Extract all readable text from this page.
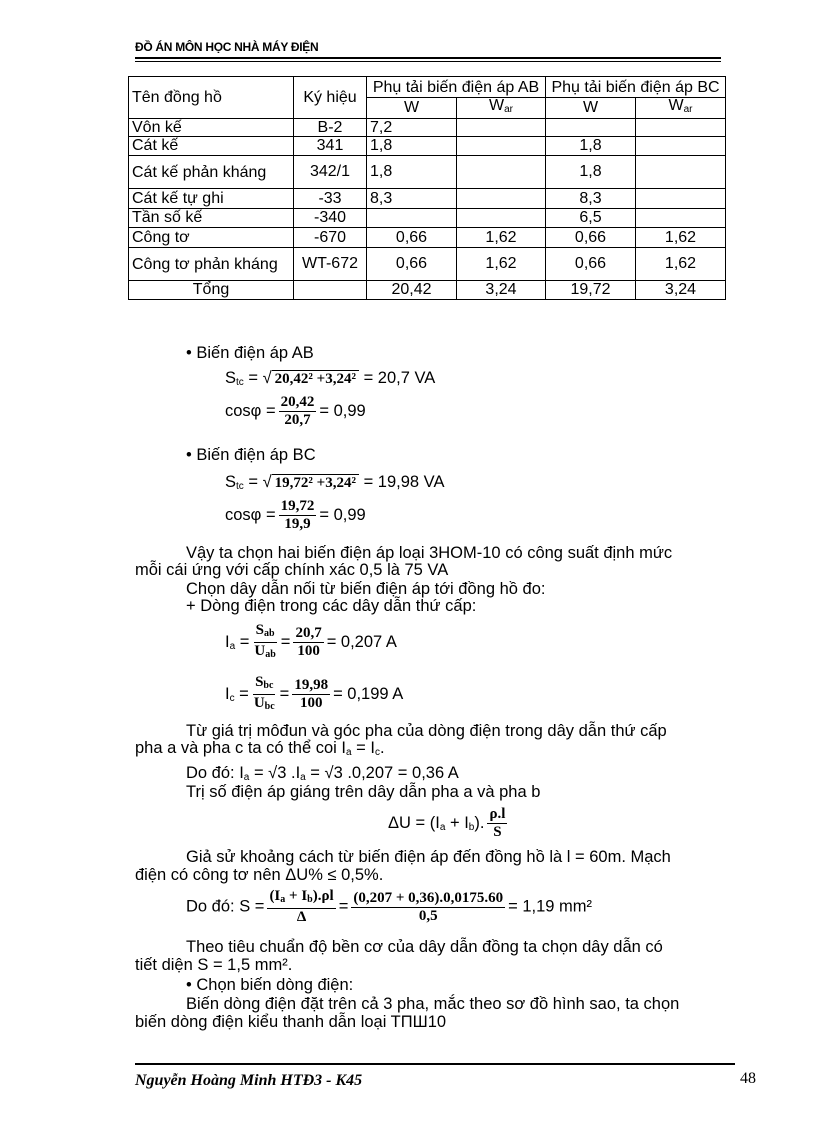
ĐỒ ÁN MÔN HỌC NHÀ MÁY ĐIỆN
Tên đồng hồ	Ký hiệu	Phụ tải biến điện áp AB		Phụ tải biến điện áp BC	
		W	$W_{ar}$	W	$W_{ar}$
Vôn kế	B-2	7,2			
Cát kế	341	1,8		1,8	
Cát kế phản kháng	342/1	1,8		1,8	
Cát kế tự ghi	-33	8,3		8,3	
Tần số kế	-340			6,5	
Công tơ	-670	0,66	1,62	0,66	1,62
Công tơ phản kháng	WT-672	0,66	1,62	0,66	1,62
Tổng		20,42	3,24	19,72	3,24
• Biến điện áp AB
$S_{tc}$ = √ 20,42² +3,24² = 20,7 VA
$\cos\varphi = \frac{20,42}{20,7} = 0,99$
• Biến điện áp BC
$S_{tc}$ = √ 19,72² +3,24² = 19,98 VA
$\cos\varphi = \frac{19,72}{19,9} = 0,99$
Vậy ta chọn hai biến điện áp loại 3HOM-10 có công suất định mức
mỗi cái ứng với cấp chính xác 0,5 là 75 VA
Chọn dây dẫn nối từ biến điện áp tới đồng hồ đo:
+ Dòng điện trong các dây dẫn thứ cấp:
$I_a = \frac{S_{ab}}{U_{ab}} = \frac{20,7}{100} = 0,207$ A
$I_c = \frac{S_{bc}}{U_{bc}} = \frac{19,98}{100} = 0,199$ A
Từ giá trị môđun và góc pha của dòng điện trong dây dẫn thứ cấp
pha a và pha c ta có thể coi $I_a = I_c$.
Do đó: $I_a = √3$ $.I_a = √3$ .0,207 = 0,36 A
Trị số điện áp giáng trên dây dẫn pha a và pha b
$\Delta U = (I_a + I_b)$. $\frac{\rho.l}{S}$
Giả sử khoảng cách từ biến điện áp đến đồng hồ là l = 60m. Mạch
điện có công tơ nên ΔU% ≤ 0,5%.
Do đó: $S = \frac{(I_a + I_b).\rho l}{\Delta} = \frac{(0,207 + 0,36).0,0175.60}{0,5} = 1,19$ mm²
Theo tiêu chuẩn độ bền cơ của dây dẫn đồng ta chọn dây dẫn có
tiết diện S = 1,5 mm².
• Chọn biến dòng điện:
Biến dòng điện đặt trên cả 3 pha, mắc theo sơ đồ hình sao, ta chọn
biến dòng điện kiểu thanh dẫn loại TПШ10
Nguyễn Hoàng Minh HTĐ3 - K45	48
